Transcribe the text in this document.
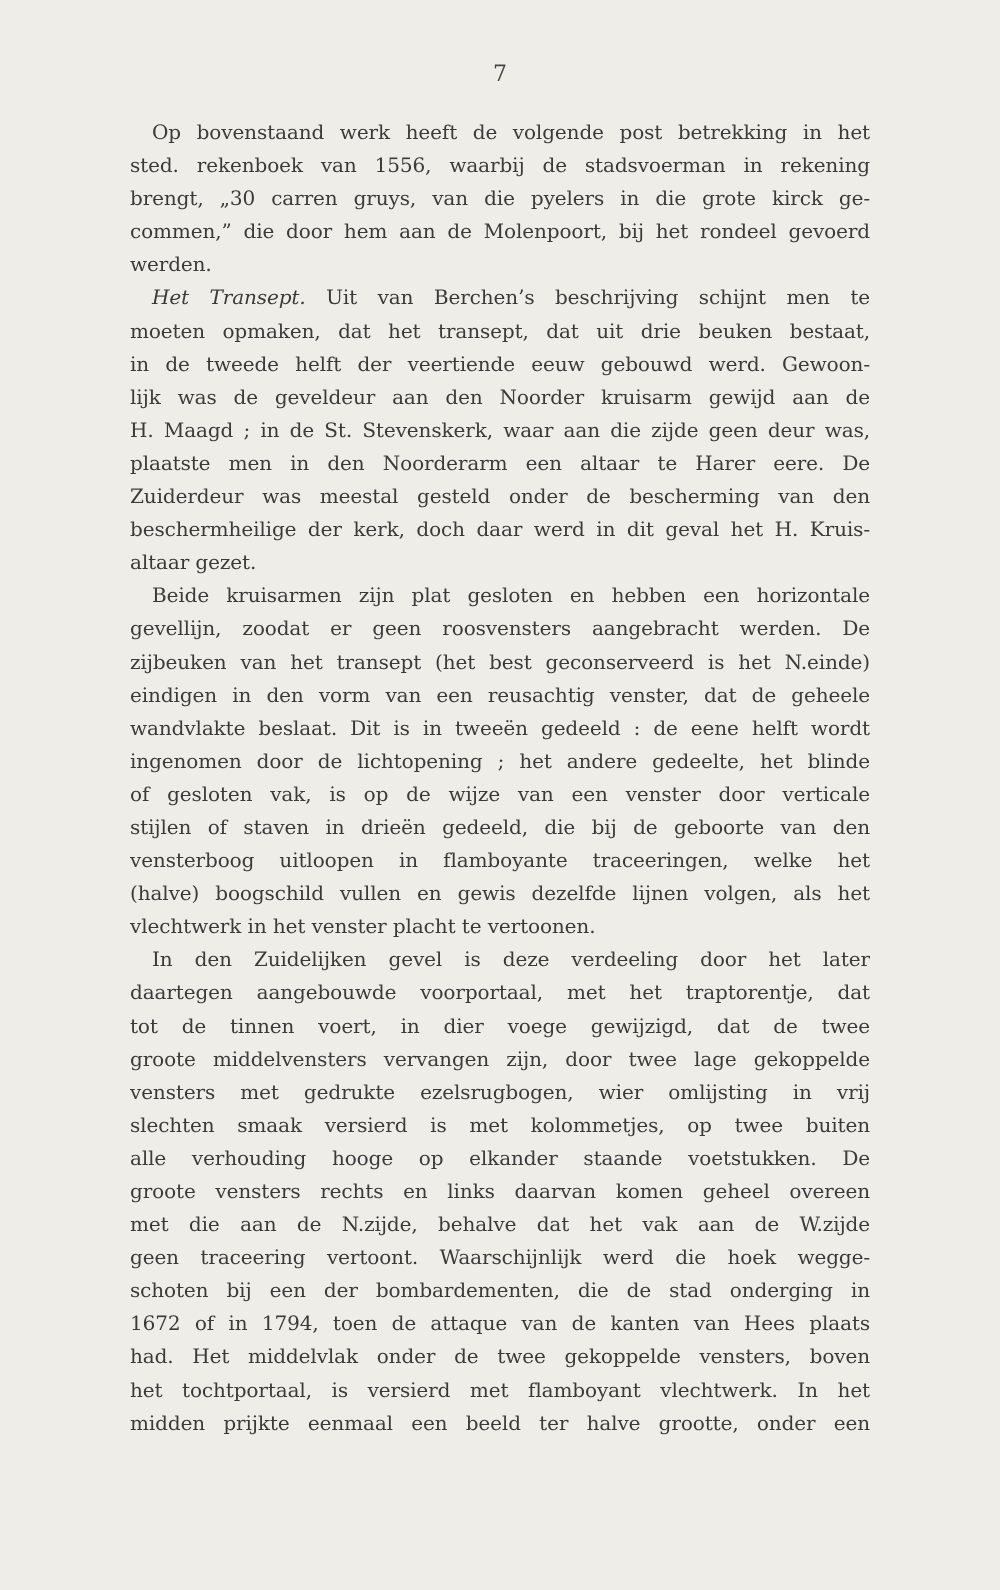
7
Op bovenstaand werk heeft de volgende post betrekking in het
sted. rekenboek van 1556, waarbij de stadsvoerman in rekening
brengt, „30 carren gruys, van die pyelers in die grote kirck ge-
commen,” die door hem aan de Molenpoort, bij het rondeel gevoerd
werden.
Het Transept. Uit van Berchen’s beschrijving schijnt men te
moeten opmaken, dat het transept, dat uit drie beuken bestaat,
in de tweede helft der veertiende eeuw gebouwd werd. Gewoon-
lijk was de geveldeur aan den Noorder kruisarm gewijd aan de
H. Maagd ; in de St. Stevenskerk, waar aan die zijde geen deur was,
plaatste men in den Noorderarm een altaar te Harer eere. De
Zuiderdeur was meestal gesteld onder de bescherming van den
beschermheilige der kerk, doch daar werd in dit geval het H. Kruis-
altaar gezet.
Beide kruisarmen zijn plat gesloten en hebben een horizontale
gevellijn, zoodat er geen roosvensters aangebracht werden. De
zijbeuken van het transept (het best geconserveerd is het N.einde)
eindigen in den vorm van een reusachtig venster, dat de geheele
wandvlakte beslaat. Dit is in tweeën gedeeld : de eene helft wordt
ingenomen door de lichtopening ; het andere gedeelte, het blinde
of gesloten vak, is op de wijze van een venster door verticale
stijlen of staven in drieën gedeeld, die bij de geboorte van den
vensterboog uitloopen in flamboyante traceeringen, welke het
(halve) boogschild vullen en gewis dezelfde lijnen volgen, als het
vlechtwerk in het venster placht te vertoonen.
In den Zuidelijken gevel is deze verdeeling door het later
daartegen aangebouwde voorportaal, met het traptorentje, dat
tot de tinnen voert, in dier voege gewijzigd, dat de twee
groote middelvensters vervangen zijn, door twee lage gekoppelde
vensters met gedrukte ezelsrugbogen, wier omlijsting in vrij
slechten smaak versierd is met kolommetjes, op twee buiten
alle verhouding hooge op elkander staande voetstukken. De
groote vensters rechts en links daarvan komen geheel overeen
met die aan de N.zijde, behalve dat het vak aan de W.zijde
geen traceering vertoont. Waarschijnlijk werd die hoek wegge-
schoten bij een der bombardementen, die de stad onderging in
1672 of in 1794, toen de attaque van de kanten van Hees plaats
had. Het middelvlak onder de twee gekoppelde vensters, boven
het tochtportaal, is versierd met flamboyant vlechtwerk. In het
midden prijkte eenmaal een beeld ter halve grootte, onder een
